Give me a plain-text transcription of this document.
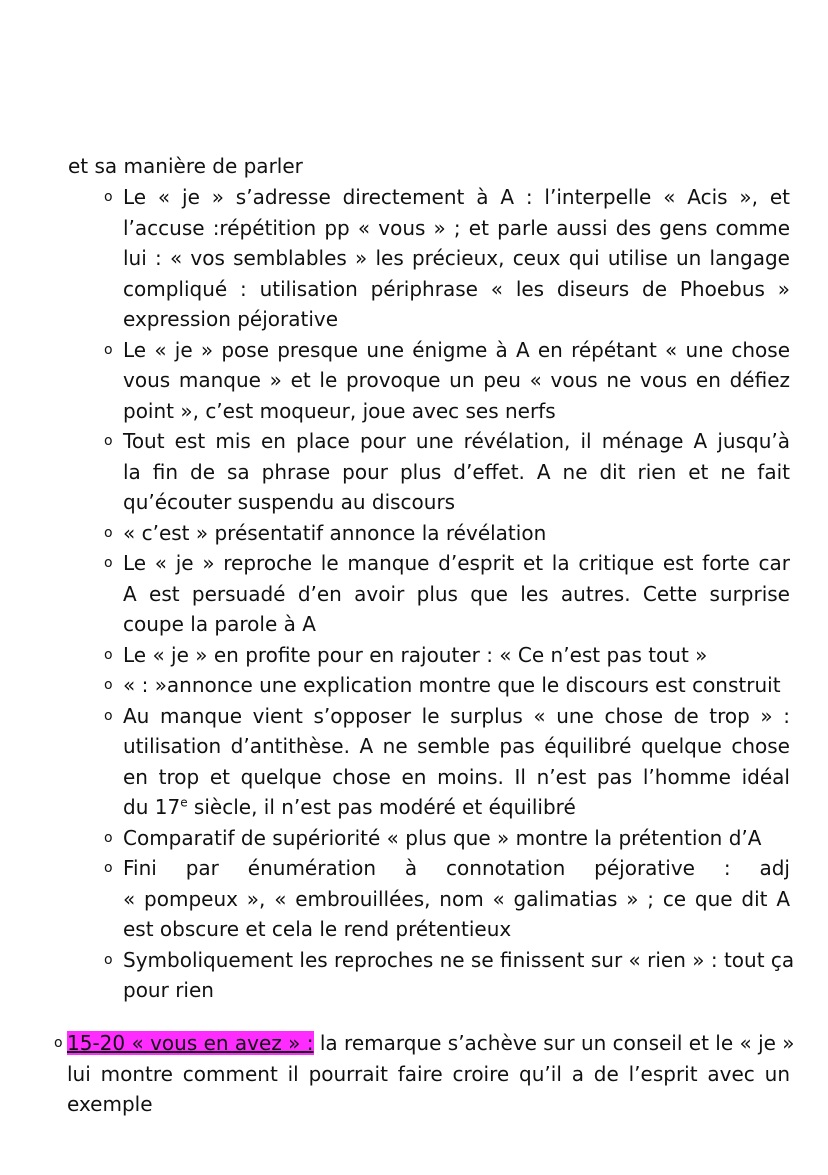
et sa manière de parler
o Le « je » s’adresse directement à A : l’interpelle « Acis », et
l’accuse :répétition pp « vous » ; et parle aussi des gens comme
lui : « vos semblables » les précieux, ceux qui utilise un langage
compliqué : utilisation périphrase « les diseurs de Phoebus »
expression péjorative
o Le « je » pose presque une énigme à A en répétant « une chose
vous manque » et le provoque un peu « vous ne vous en défiez
point », c’est moqueur, joue avec ses nerfs
o Tout est mis en place pour une révélation, il ménage A jusqu’à
la fin de sa phrase pour plus d’effet. A ne dit rien et ne fait
qu’écouter suspendu au discours
o « c’est » présentatif annonce la révélation
o Le « je » reproche le manque d’esprit et la critique est forte car
A est persuadé d’en avoir plus que les autres. Cette surprise
coupe la parole à A
o Le « je » en profite pour en rajouter : « Ce n’est pas tout »
o « : »annonce une explication montre que le discours est construit
o Au manque vient s’opposer le surplus « une chose de trop » :
utilisation d’antithèse. A ne semble pas équilibré quelque chose
en trop et quelque chose en moins. Il n’est pas l’homme idéal
du 17e siècle, il n’est pas modéré et équilibré
o Comparatif de supériorité « plus que » montre la prétention d’A
o Fini par énumération à connotation péjorative : adj
« pompeux », « embrouillées, nom « galimatias » ; ce que dit A
est obscure et cela le rend prétentieux
o Symboliquement les reproches ne se finissent sur « rien » : tout ça
pour rien
o 15-20 « vous en avez » : la remarque s’achève sur un conseil et le « je »
lui montre comment il pourrait faire croire qu’il a de l’esprit avec un
exemple
